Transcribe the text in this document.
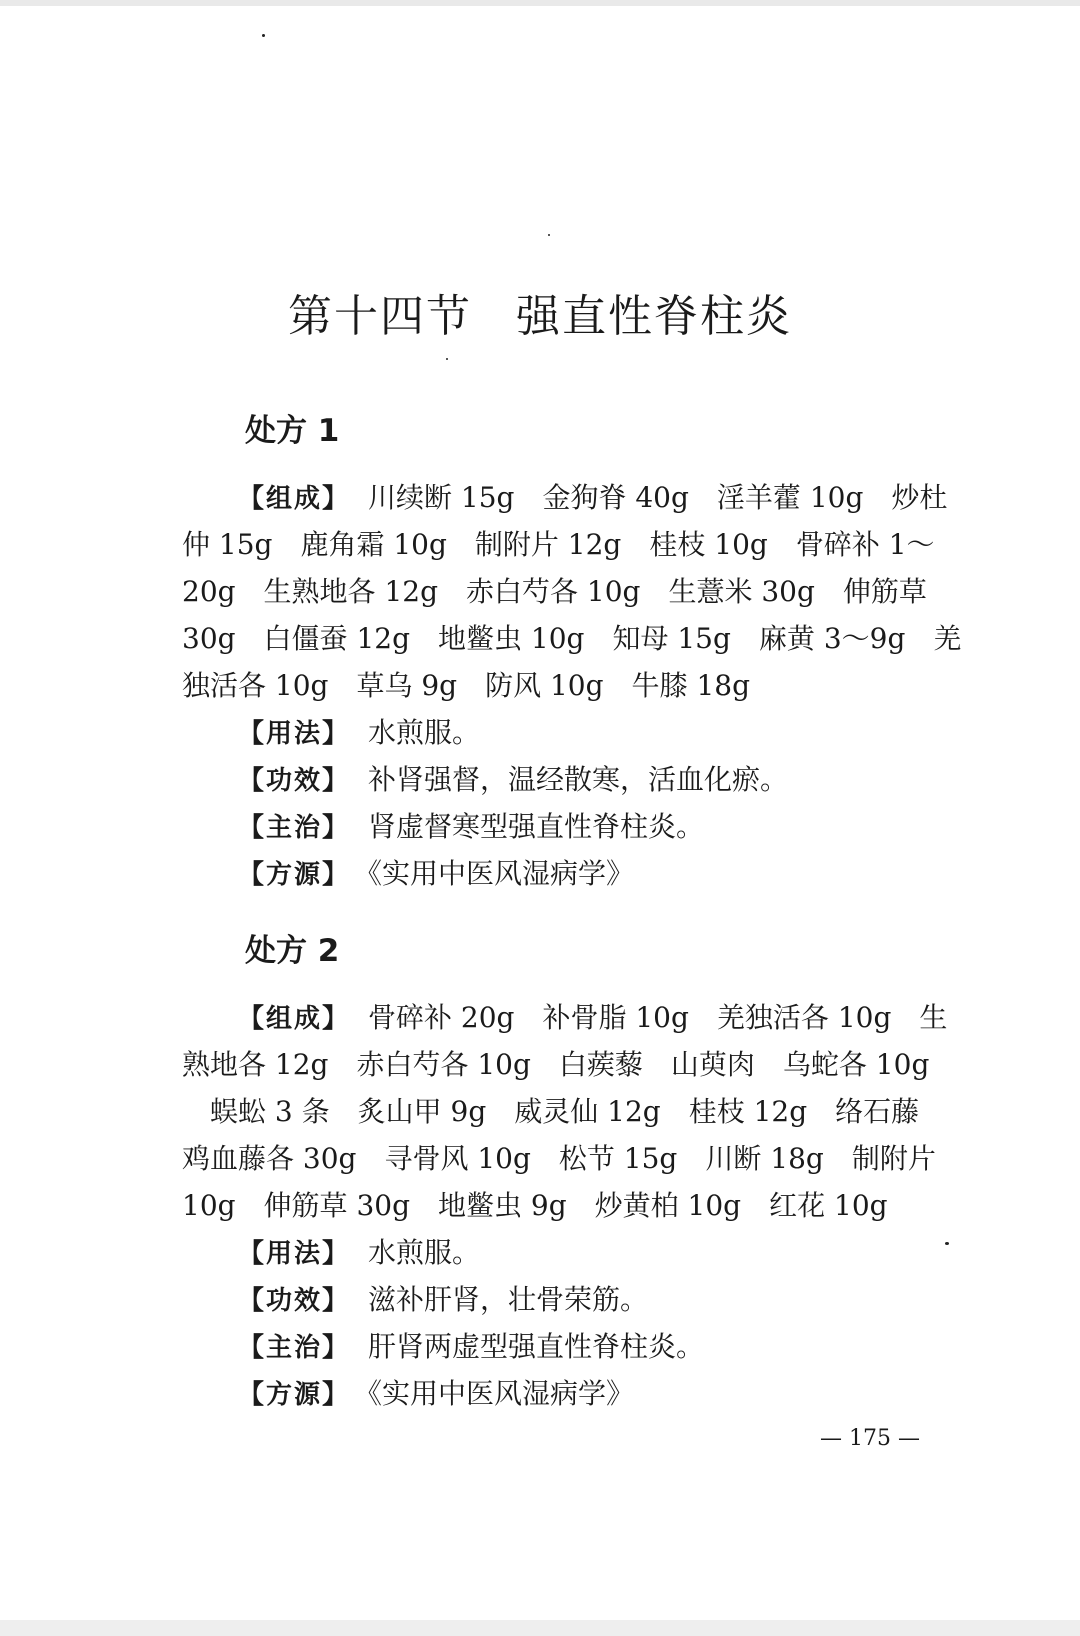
第十四节 强直性脊柱炎
处方 1
【组成】 川续断 15g　金狗脊 40g　淫羊藿 10g　炒杜
仲 15g　鹿角霜 10g　制附片 12g　桂枝 10g　骨碎补 1～
20g　生熟地各 12g　赤白芍各 10g　生薏米 30g　伸筋草
30g　白僵蚕 12g　地鳖虫 10g　知母 15g　麻黄 3～9g　羌
独活各 10g　草乌 9g　防风 10g　牛膝 18g

【用法】 水煎服。

【功效】 补肾强督，温经散寒，活血化瘀。

【主治】 肾虚督寒型强直性脊柱炎。

【方源】 《实用中医风湿病学》

处方 2
【组成】 骨碎补 20g　补骨脂 10g　羌独活各 10g　生
熟地各 12g　赤白芍各 10g　白蒺藜　山萸肉　乌蛇各 10g
蜈蚣 3 条　炙山甲 9g　威灵仙 12g　桂枝 12g　络石藤
鸡血藤各 30g　寻骨风 10g　松节 15g　川断 18g　制附片
10g　伸筋草 30g　地鳖虫 9g　炒黄柏 10g　红花 10g

【用法】 水煎服。

【功效】 滋补肝肾，壮骨荣筋。

【主治】 肝肾两虚型强直性脊柱炎。

【方源】 《实用中医风湿病学》

— 175 —
